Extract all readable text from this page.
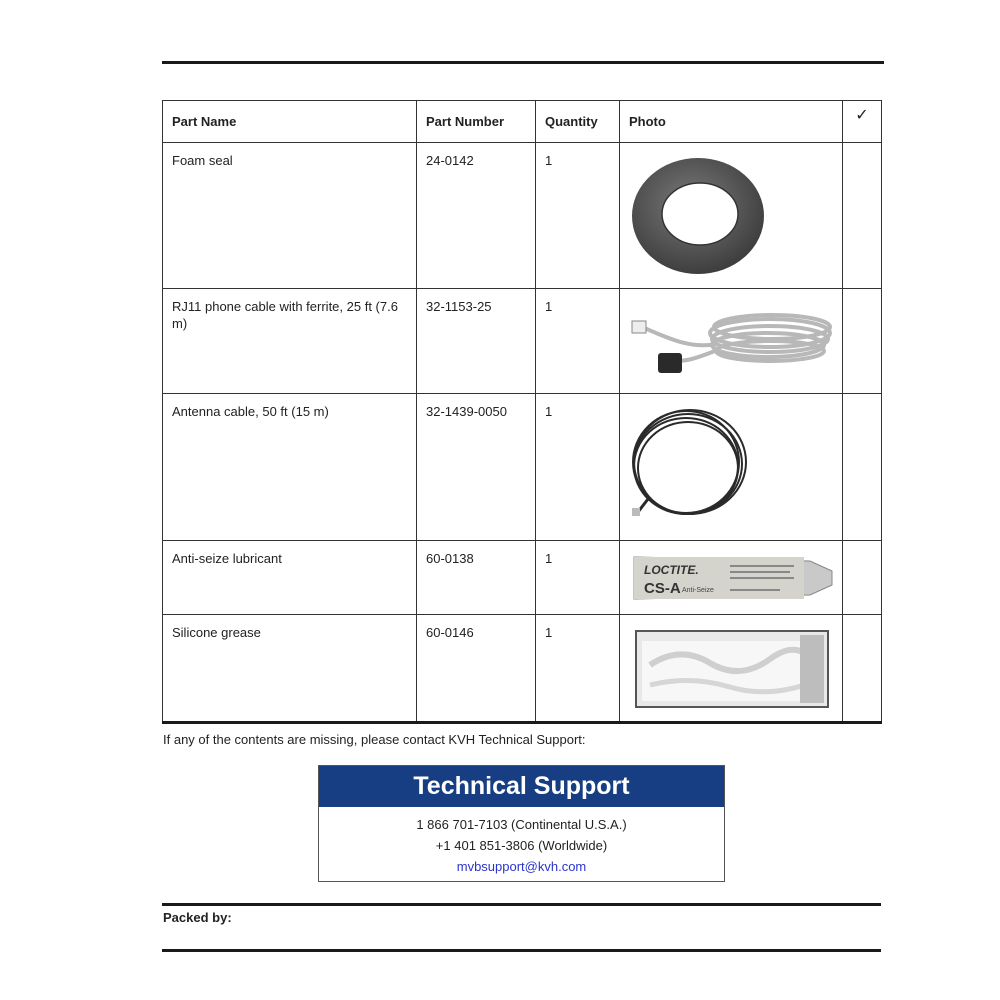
Part Name	Part Number	Quantity	Photo	✓
Foam seal	24-0142	1	

RJ11 phone cable with ferrite, 25 ft (7.6 m)	32-1153-25	1	

Antenna cable, 50 ft (15 m)	32-1439-0050	1	

Anti-seize lubricant	60-0138	1	LOCTITE.
CS-A Anti-Seize	

Silicone grease	60-0146	1	

If any of the contents are missing, please contact KVH Technical Support:
Technical Support
1 866 701-7103 (Continental U.S.A.)
+1 401 851-3806 (Worldwide)
mvbsupport@kvh.com
Packed by:
